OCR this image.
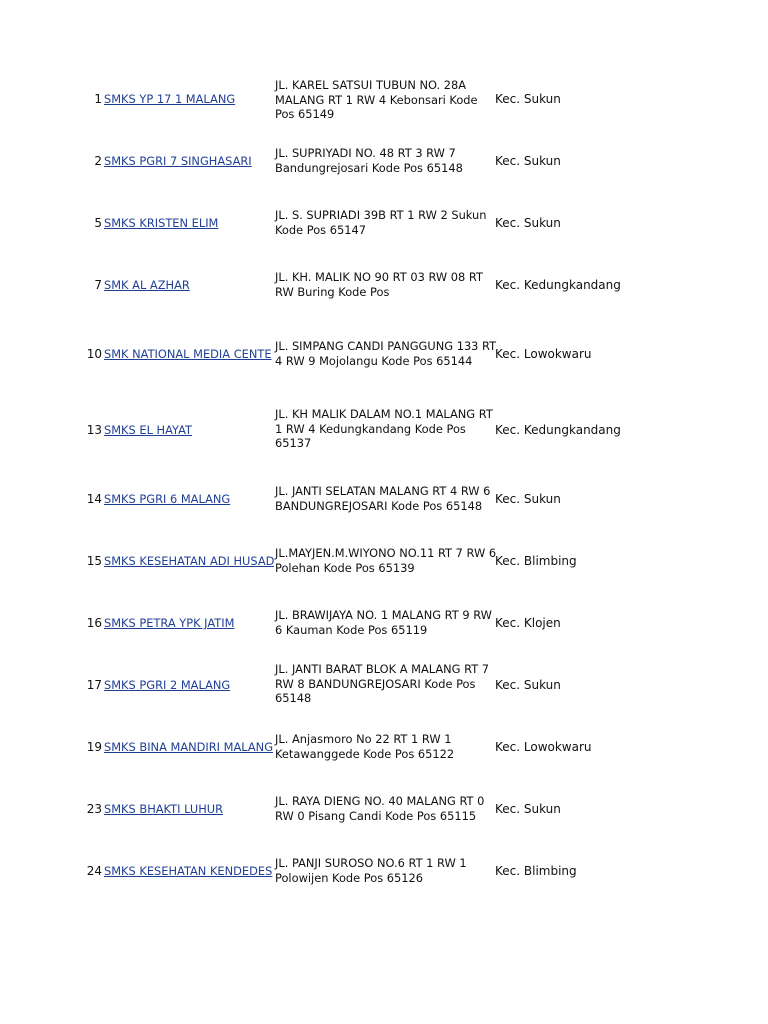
1 SMKS YP 17 1 MALANG
JL. KAREL SATSUI TUBUN NO. 28A MALANG RT 1 RW 4 Kebonsari Kode Pos 65149
Kec. Sukun
2 SMKS PGRI 7 SINGHASARI
JL. SUPRIYADI NO. 48 RT 3 RW 7 Bandungrejosari Kode Pos 65148	Kec. Sukun
5 SMKS KRISTEN ELIM
JL. S. SUPRIADI 39B RT 1 RW 2 Sukun Kode Pos 65147	Kec. Sukun
7 SMK AL AZHAR
JL. KH. MALIK NO 90 RT 03 RW 08 RT RW Buring Kode Pos	Kec. Kedungkandang
10 SMK NATIONAL MEDIA CENTE
JL. SIMPANG CANDI PANGGUNG 133 RT 4 RW 9 Mojolangu Kode Pos 65144	Kec. Lowokwaru
13 SMKS EL HAYAT
JL. KH MALIK DALAM NO.1 MALANG RT 1 RW 4 Kedungkandang Kode Pos 65137
Kec. Kedungkandang
14 SMKS PGRI 6 MALANG
JL. JANTI SELATAN MALANG RT 4 RW 6 BANDUNGREJOSARI Kode Pos 65148	Kec. Sukun
15 SMKS KESEHATAN ADI HUSAD
JL.MAYJEN.M.WIYONO NO.11 RT 7 RW 6 Polehan Kode Pos 65139	Kec. Blimbing
16 SMKS PETRA YPK JATIM
JL. BRAWIJAYA NO. 1 MALANG RT 9 RW 6 Kauman Kode Pos 65119	Kec. Klojen
17 SMKS PGRI 2 MALANG
JL. JANTI BARAT BLOK A MALANG RT 7 RW 8 BANDUNGREJOSARI Kode Pos 65148
Kec. Sukun
19 SMKS BINA MANDIRI MALANG
JL. Anjasmoro No 22 RT 1 RW 1 Ketawanggede Kode Pos 65122	Kec. Lowokwaru
23 SMKS BHAKTI LUHUR
JL. RAYA DIENG NO. 40 MALANG RT 0 RW 0 Pisang Candi Kode Pos 65115	Kec. Sukun
24 SMKS KESEHATAN KENDEDES
JL. PANJI SUROSO NO.6 RT 1 RW 1 Polowijen Kode Pos 65126	Kec. Blimbing
